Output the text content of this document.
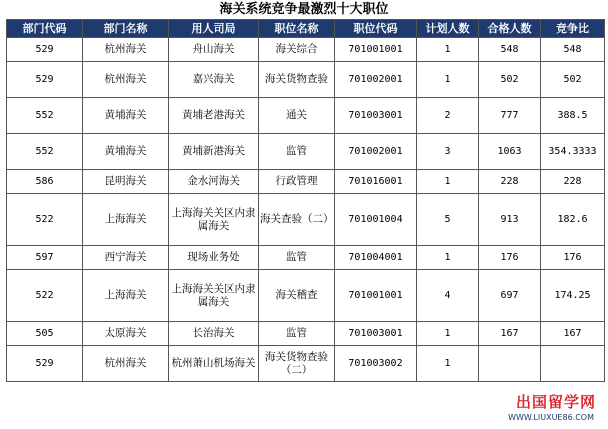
海关系统竞争最激烈十大职位
部门代码	部门名称	用人司局	职位名称	职位代码	计划人数	合格人数	竞争比
529	杭州海关	舟山海关	海关综合	701001001	1	548	548
529	杭州海关	嘉兴海关	海关货物查验	701002001	1	502	502
552	黄埔海关	黄埔老港海关	通关	701003001	2	777	388.5
552	黄埔海关	黄埔新港海关	监管	701002001	3	1063	354.3333
586	昆明海关	金水河海关	行政管理	701016001	1	228	228
522	上海海关	上海海关关区内隶属海关	海关查验（二）	701001004	5	913	182.6
597	西宁海关	现场业务处	监管	701004001	1	176	176
522	上海海关	上海海关关区内隶属海关	海关稽查	701001001	4	697	174.25
505	太原海关	长治海关	监管	701003001	1	167	167
529	杭州海关	杭州萧山机场海关	海关货物查验（二）	701003002	1		
出国留学网
WWW.LIUXUE86.COM
